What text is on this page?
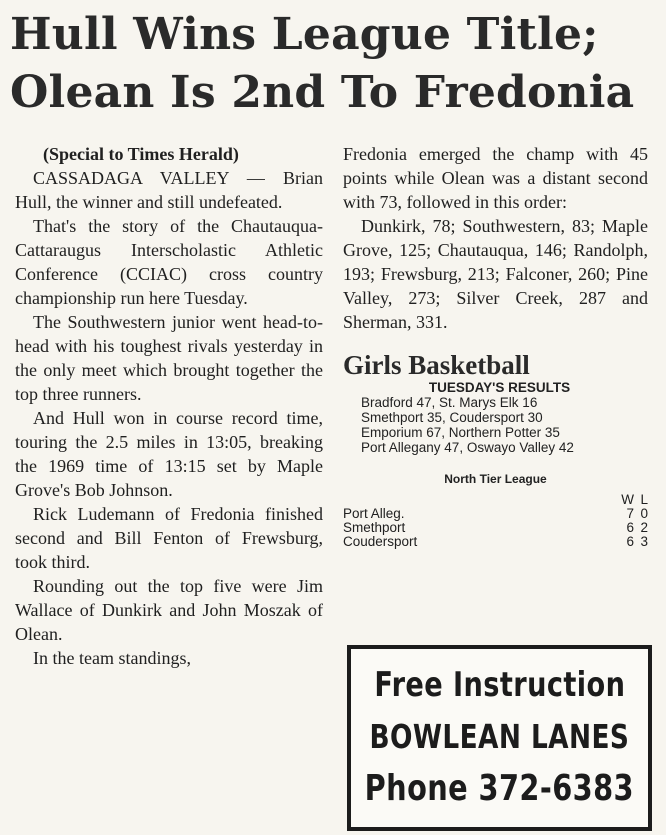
Hull Wins League Title;
Olean Is 2nd To Fredonia

(Special to Times Herald)

CASSADAGA VALLEY — Brian Hull, the winner and still undefeated.

That's the story of the Chautauqua-Cattaraugus Interscholastic Athletic Conference (CCIAC) cross country championship run here Tuesday.

The Southwestern junior went head-to-head with his toughest rivals yesterday in the only meet which brought together the top three runners.

And Hull won in course record time, touring the 2.5 miles in 13:05, breaking the 1969 time of 13:15 set by Maple Grove's Bob Johnson.

Rick Ludemann of Fredonia finished second and Bill Fenton of Frewsburg, took third.

Rounding out the top five were Jim Wallace of Dunkirk and John Moszak of Olean.

In the team standings,

Fredonia emerged the champ with 45 points while Olean was a distant second with 73, followed in this order:

Dunkirk, 78; Southwestern, 83; Maple Grove, 125; Chautauqua, 146; Randolph, 193; Frewsburg, 213; Falconer, 260; Pine Valley, 273; Silver Creek, 287 and Sherman, 331.

Girls Basketball
TUESDAY'S RESULTS
Bradford 47, St. Marys Elk 16
Smethport 35, Coudersport 30
Emporium 67, Northern Potter 35
Port Allegany 47, Oswayo Valley 42
North Tier League
	W	L
Port Alleg.	7	0
Smethport	6	2
Coudersport	6	3
Free Instruction
BOWLEAN LANES
Phone 372-6383
